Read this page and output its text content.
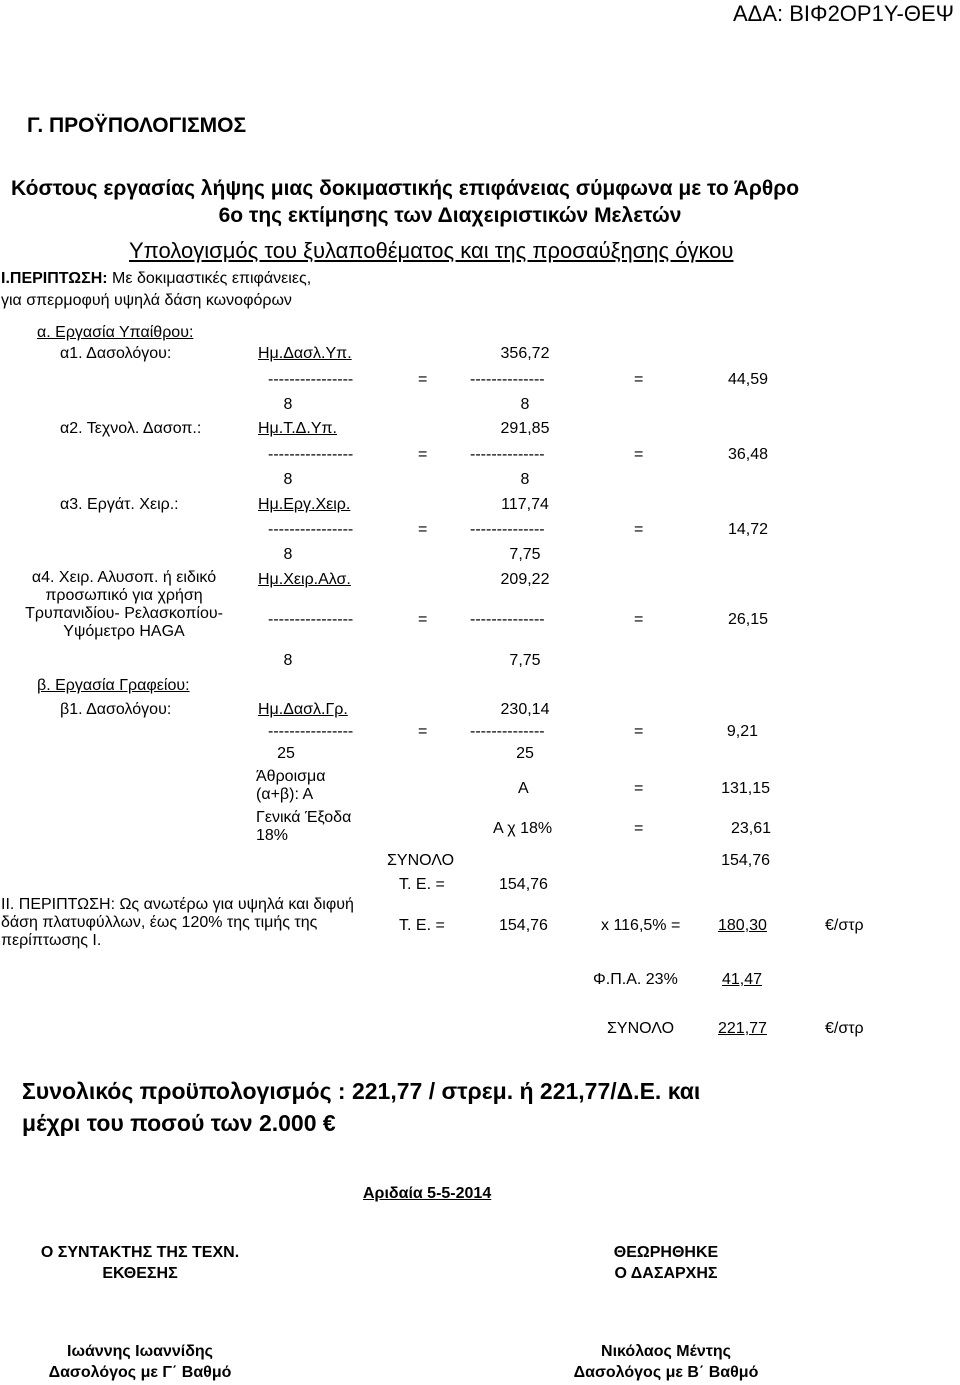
ΑΔΑ: ΒΙΦ2ΟΡ1Υ-ΘΕΨ
Γ. ΠΡΟΫΠΟΛΟΓΙΣΜΟΣ
Κόστους εργασίας λήψης μιας δοκιμαστικής επιφάνειας σύμφωνα με το Άρθρο
6ο της εκτίμησης των Διαχειριστικών Μελετών
Υπολογισμός του ξυλαποθέματος και της προσαύξησης όγκου
Ι.ΠΕΡΙΠΤΩΣΗ: Με δοκιμαστικές επιφάνειες,
για σπερμοφυή υψηλά δάση κωνοφόρων
α. Εργασία Υπαίθρου:
α1. Δασολόγου:	Ημ.Δασλ.Υπ.	356,72
----------------	=	--------------	=	44,59
8	8
α2. Τεχνολ. Δασοπ.:	Ημ.Τ.Δ.Υπ.	291,85
----------------	=	--------------	=	36,48
8	8
α3. Εργάτ. Χειρ.:	Ημ.Εργ.Χειρ.	117,74
----------------	=	--------------	=	14,72
8	7,75
α4. Χειρ. Αλυσοπ. ή ειδικό προσωπικό για χρήση Τρυπανιδίου- Ρελασκοπίου- Υψόμετρο HAGA
Ημ.Χειρ.Αλσ.	209,22
----------------	=	--------------	=	26,15
8	7,75
β. Εργασία Γραφείου:
β1. Δασολόγου:	Ημ.Δασλ.Γρ.	230,14
----------------	=	--------------	=	9,21
25	25
Άθροισμα (α+β): Α	Α	=	131,15
Γενικά Έξοδα 18%	Α χ 18%	=	23,61
ΣΥΝΟΛΟ	154,76
Τ. Ε. =	154,76
ΙΙ. ΠΕΡΙΠΤΩΣΗ: Ως ανωτέρω για υψηλά και διφυή δάση πλατυφύλλων, έως 120% της τιμής της περίπτωσης Ι.
Τ. Ε. =	154,76	x 116,5% = 180,30	€/στρ
Φ.Π.Α. 23%	41,47
ΣΥΝΟΛΟ	221,77	€/στρ
Συνολικός προϋπολογισμός : 221,77 / στρεμ. ή 221,77/Δ.Ε. και
μέχρι του ποσού των 2.000 €
Αριδαία 5-5-2014
Ο ΣΥΝΤΑΚΤΗΣ ΤΗΣ ΤΕΧΝ.
ΕΚΘΕΣΗΣ
ΘΕΩΡΗΘΗΚΕ
Ο ΔΑΣΑΡΧΗΣ
Ιωάννης Ιωαννίδης
Δασολόγος με Γ΄ Βαθμό
Νικόλαος Μέντης
Δασολόγος με Β΄ Βαθμό
